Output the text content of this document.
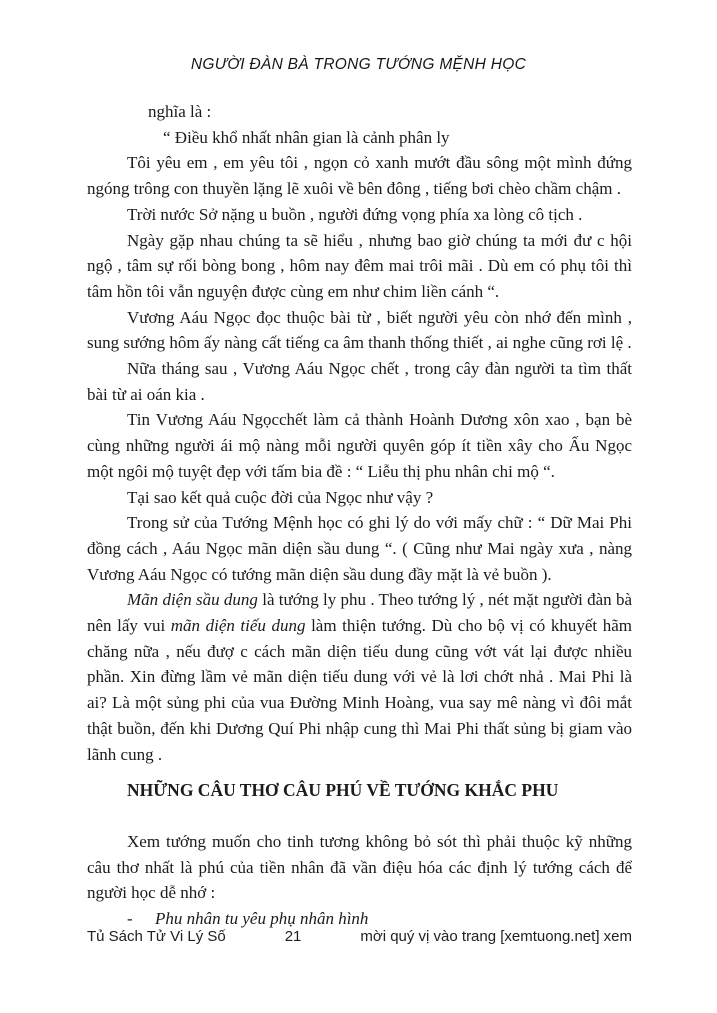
NGƯỜI ĐÀN BÀ TRONG TƯỚNG MỆNH HỌC

nghĩa là :

“ Điều khổ nhất nhân gian là cảnh phân ly

Tôi yêu em , em yêu tôi , ngọn cỏ xanh mướt đầu sông một mình đứng ngóng trông con thuyền lặng lẽ xuôi về bên đông , tiếng bơi chèo chầm chậm .

Trời nước Sở nặng u buồn , người đứng vọng phía xa lòng cô tịch .

Ngày gặp nhau chúng ta sẽ hiểu , nhưng bao giờ chúng ta mới đư c hội ngộ , tâm sự rối bòng bong , hôm nay đêm mai trôi mãi . Dù em có phụ tôi thì tâm hồn tôi vẫn nguyện được cùng em như chim liền cánh “.

Vương Aáu Ngọc đọc thuộc bài từ , biết người yêu còn nhớ đến mình , sung sướng hôm ấy nàng cất tiếng ca âm thanh thống thiết , ai nghe cũng rơi lệ .

Nữa tháng sau , Vương Aáu Ngọc chết , trong cây đàn người ta tìm thất bài từ ai oán kia .

Tin Vương Aáu Ngọcchết làm cả thành Hoành Dương xôn xao , bạn bè cùng những người ái mộ nàng mỗi người quyên góp ít tiền xây cho Ấu Ngọc một ngôi mộ tuyệt đẹp với tấm bia đề : “ Liễu thị phu nhân chi mộ “.

Tại sao kết quả cuộc đời của Ngọc như vậy ?

Trong sử của Tướng Mệnh học có ghi lý do với mấy chữ : “ Dữ Mai Phi đồng cách , Aáu Ngọc mãn diện sầu dung “. ( Cũng như Mai ngày xưa , nàng Vương Aáu Ngọc có tướng mãn diện sầu dung đầy mặt là vẻ buồn ).

Mãn diện sầu dung là tướng ly phu . Theo tướng lý , nét mặt người đàn bà nên lấy vui mãn diện tiếu dung làm thiện tướng. Dù cho bộ vị có khuyết hãm chăng nữa , nếu đượ c cách mãn diện tiếu dung cũng vớt vát lại được nhiều phần. Xin đừng lầm vẻ mãn diện tiếu dung với vẻ là lơi chớt nhả . Mai Phi là ai? Là một sủng phi của vua Đường Minh Hoàng, vua say mê nàng vì đôi mắt thật buồn, đến khi Dương Quí Phi nhập cung thì Mai Phi thất sủng bị giam vào lãnh cung .

NHỮNG CÂU THƠ CÂU PHÚ VỀ TƯỚNG KHẮC PHU

Xem tướng muốn cho tinh tương không bỏ sót thì phải thuộc kỹ những câu thơ nhất là phú của tiền nhân đã vần điệu hóa các định lý tướng cách để người học dễ nhớ :

- Phu nhân tu yêu phụ nhân hình

Tủ Sách Tử Vi Lý Số	21	mời quý vị vào trang [xemtuong.net] xem
